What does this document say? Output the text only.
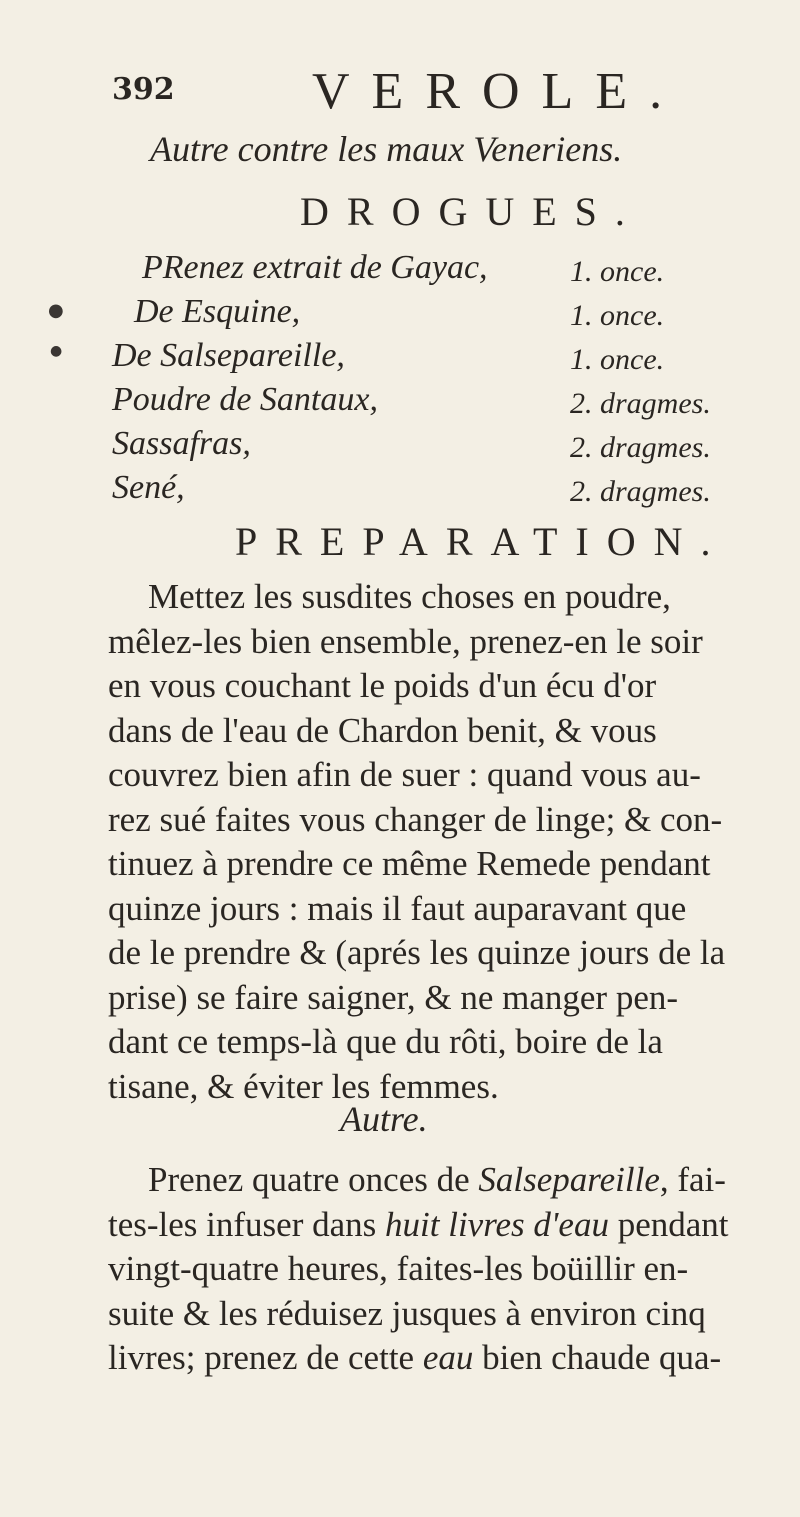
392	VEROLE.
Autre contre les maux Veneriens.
DROGUES.
PRenez extrait de Gayac,
De Esquine,
De Salsepareille,
Poudre de Santaux,
Sassafras,
Sené,
1. once.
1. once.
1. once.
2. dragmes.
2. dragmes.
2. dragmes.
PREPARATION.
Mettez les susdites choses en poudre,
mêlez-les bien ensemble, prenez-en le soir
en vous couchant le poids d'un écu d'or
dans de l'eau de Chardon benit, & vous
couvrez bien afin de suer : quand vous au-
rez sué faites vous changer de linge; & con-
tinuez à prendre ce même Remede pendant
quinze jours : mais il faut auparavant que
de le prendre & (aprés les quinze jours de la
prise) se faire saigner, & ne manger pen-
dant ce temps-là que du rôti, boire de la
tisane, & éviter les femmes.
Autre.
Prenez quatre onces de Salsepareille, fai-
tes-les infuser dans huit livres d'eau pendant
vingt-quatre heures, faites-les boüillir en-
suite & les réduisez jusques à environ cinq
livres; prenez de cette eau bien chaude qua-
●
●
